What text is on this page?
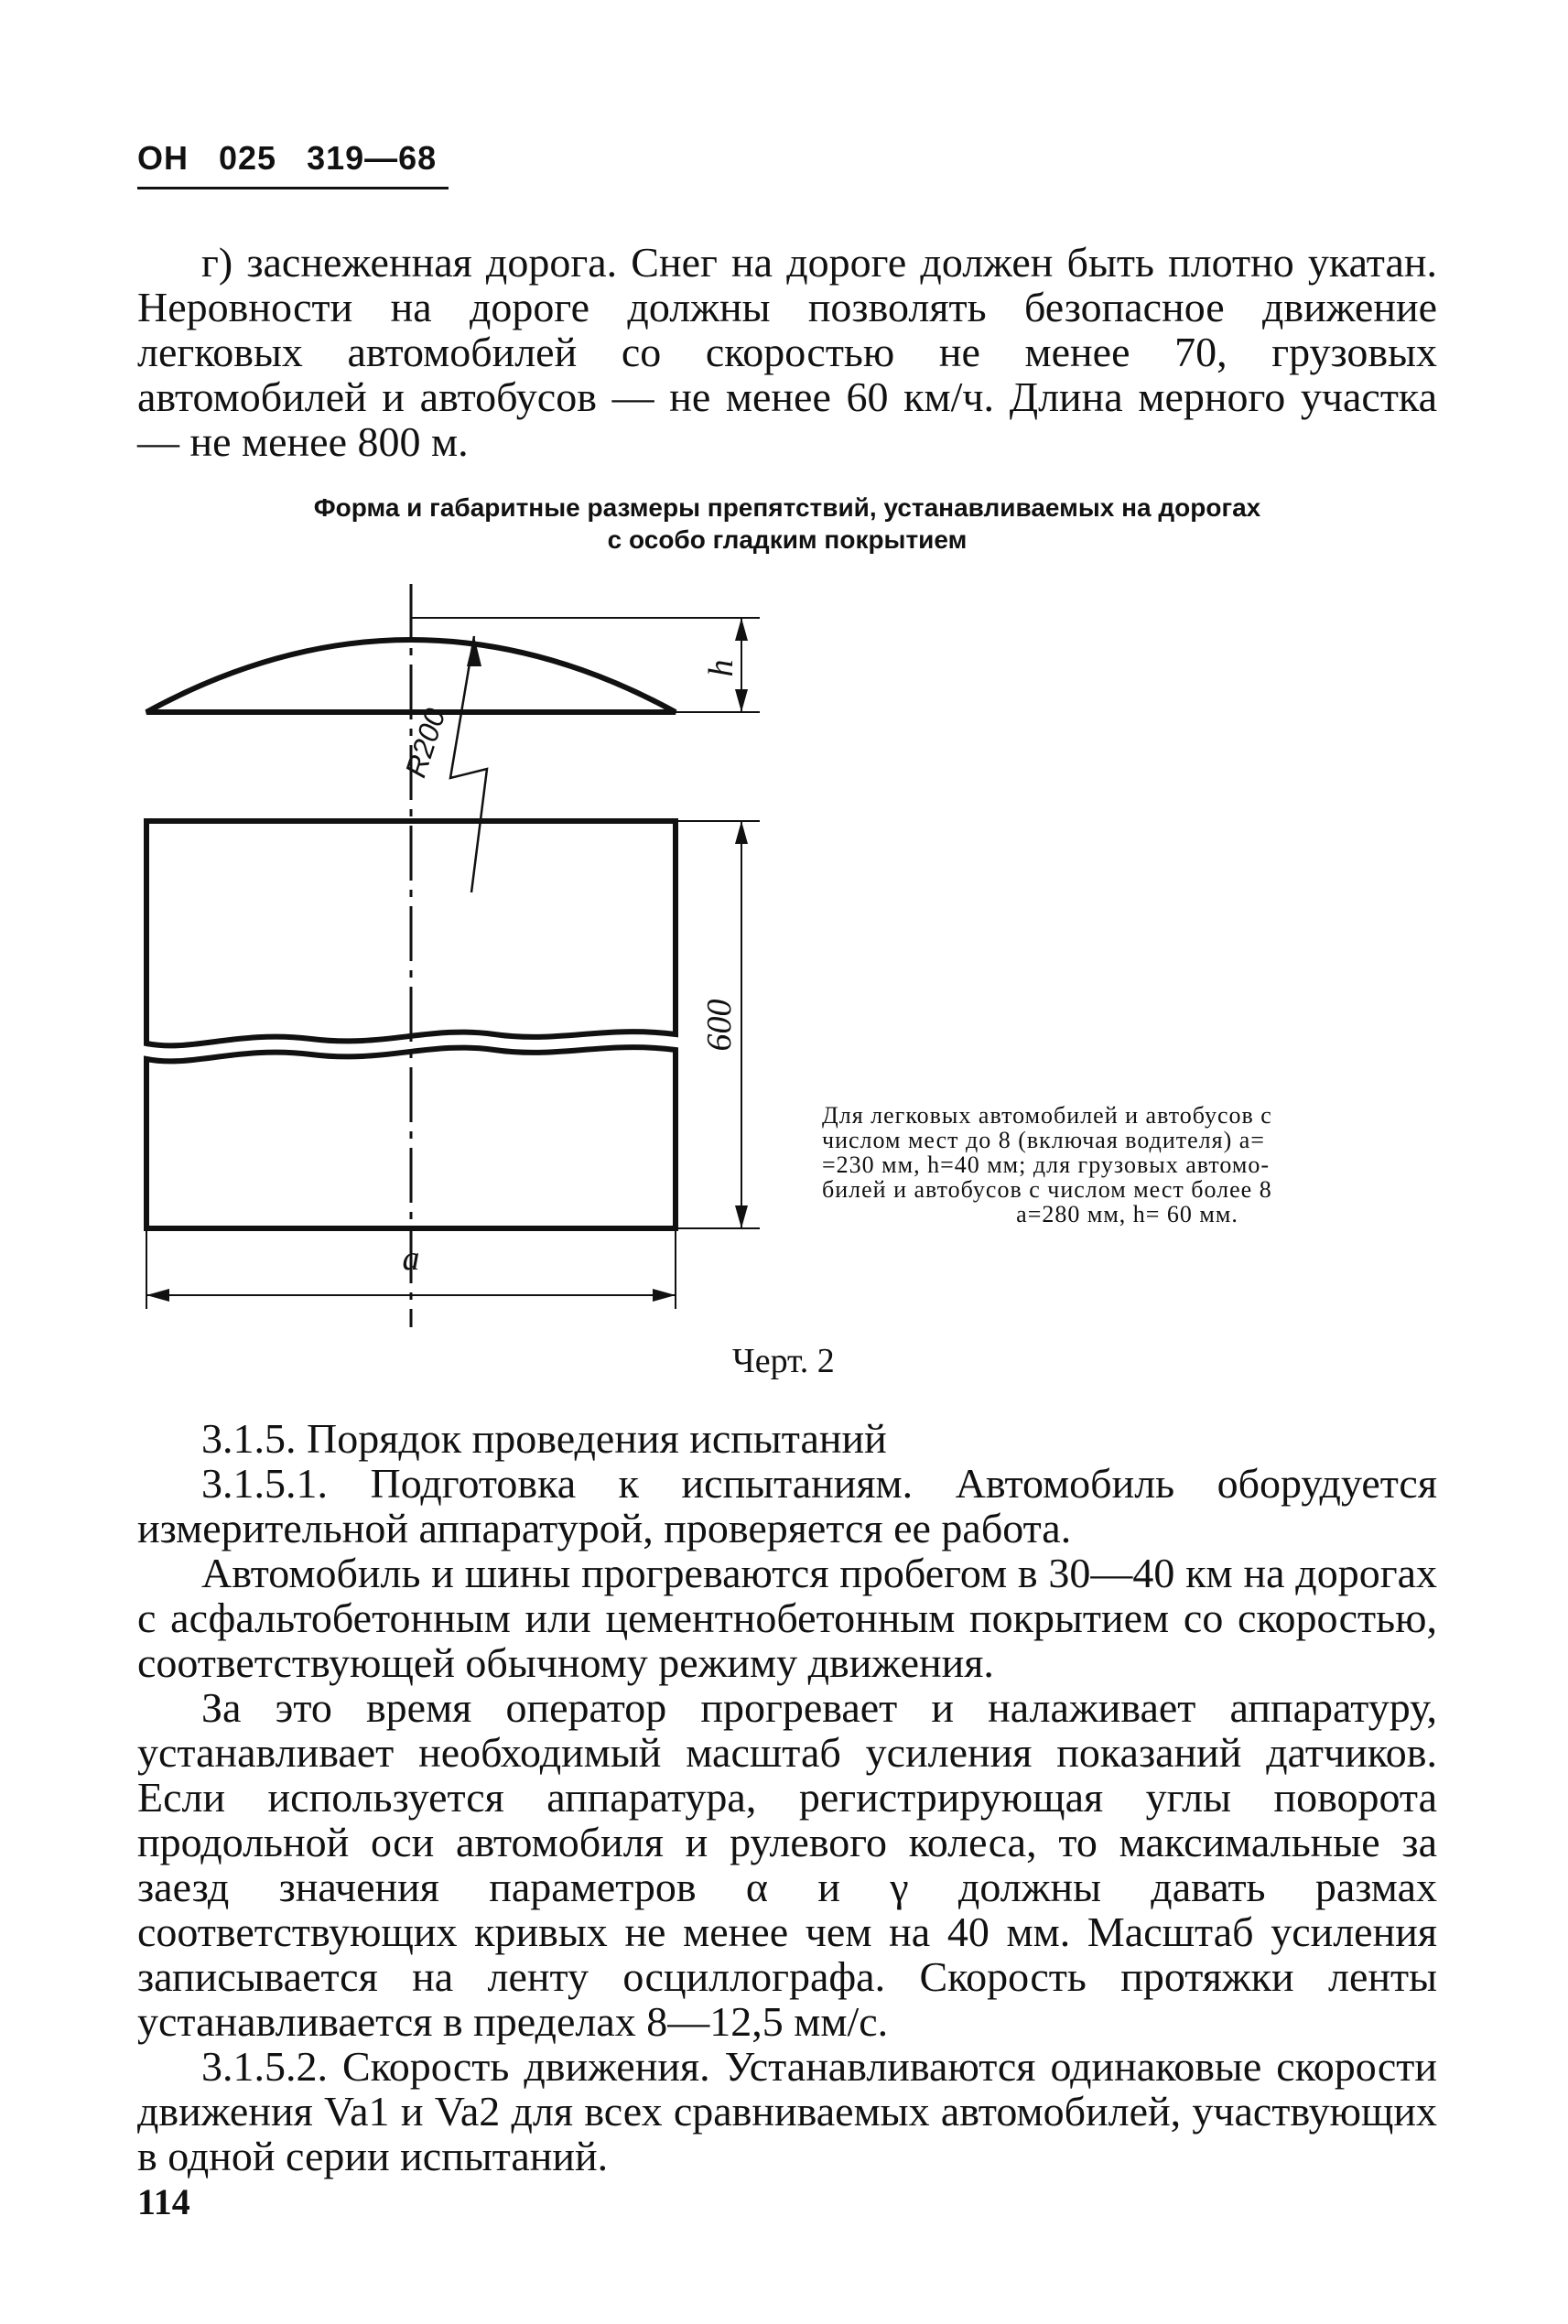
ОН 025 319—68

г) заснеженная дорога. Снег на дороге должен быть плотно укатан. Неровности на дороге должны позволять безопасное движение легковых автомобилей со скоростью не менее 70, грузовых автомобилей и автобусов — не менее 60 км/ч. Длина мерного участка — не менее 800 м.

Форма и габаритные размеры препятствий, устанавливаемых на дорогах
с особо гладким покрытием
h
R200
600
a
Для легковых автомобилей и автобусов с
числом мест до 8 (включая водителя) a=
=230 мм, h=40 мм; для грузовых автомо-
билей и автобусов с числом мест более 8
a=280 мм, h= 60 мм.
Черт. 2

3.1.5. Порядок проведения испытаний

3.1.5.1. Подготовка к испытаниям. Автомобиль оборудуется измерительной аппаратурой, проверяется ее работа.

Автомобиль и шины прогреваются пробегом в 30—40 км на дорогах с асфальтобетонным или цементнобетонным покрытием со скоростью, соответствующей обычному режиму движения.

За это время оператор прогревает и налаживает аппаратуру, устанавливает необходимый масштаб усиления показаний датчиков. Если используется аппаратура, регистрирующая углы поворота продольной оси автомобиля и рулевого колеса, то максимальные за заезд значения параметров α и γ должны давать размах соответствующих кривых не менее чем на 40 мм. Масштаб усиления записывается на ленту осциллографа. Скорость протяжки ленты устанавливается в пределах 8—12,5 мм/с.

3.1.5.2. Скорость движения. Устанавливаются одинаковые скорости движения Va1 и Va2 для всех сравниваемых автомобилей, участвующих в одной серии испытаний.

114
